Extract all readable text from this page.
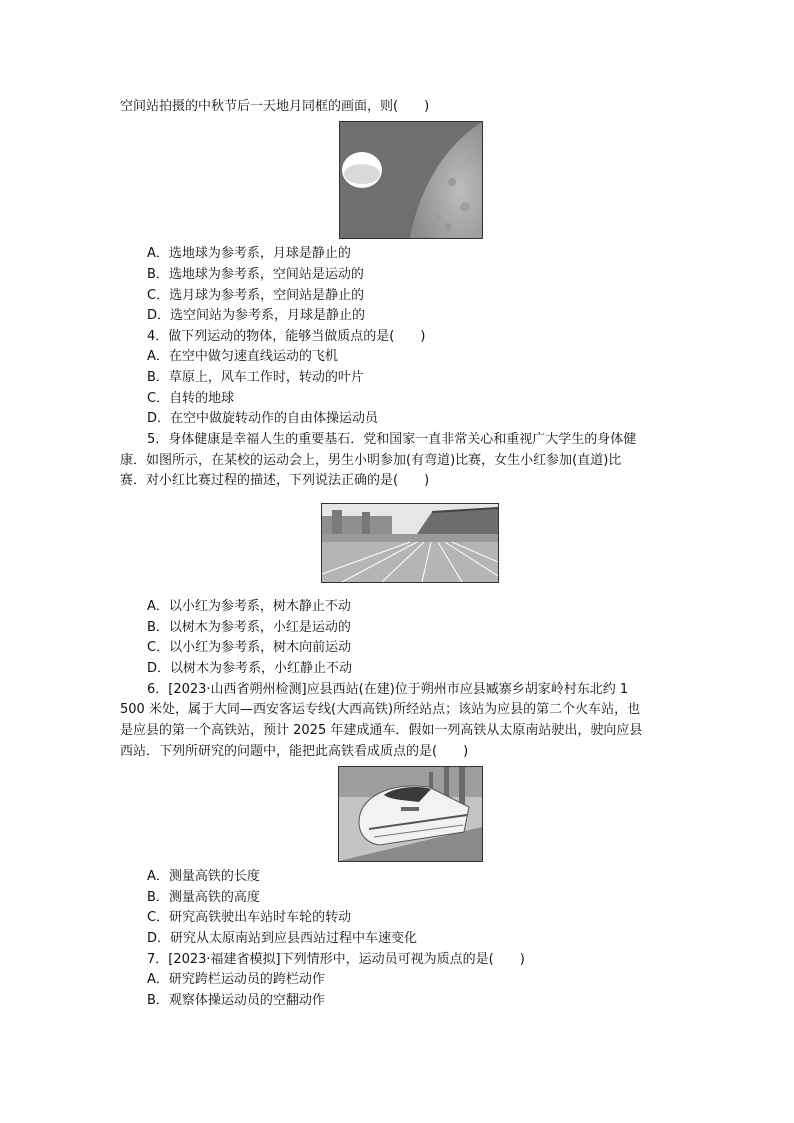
空间站拍摄的中秋节后一天地月同框的画面，则(　　)
A．选地球为参考系，月球是静止的
B．选地球为参考系，空间站是运动的
C．选月球为参考系，空间站是静止的
D．选空间站为参考系，月球是静止的
4．做下列运动的物体，能够当做质点的是(　　)
A．在空中做匀速直线运动的飞机
B．草原上，风车工作时，转动的叶片
C．自转的地球
D．在空中做旋转动作的自由体操运动员
5．身体健康是幸福人生的重要基石．党和国家一直非常关心和重视广大学生的身体健
康．如图所示，在某校的运动会上，男生小明参加(有弯道)比赛，女生小红参加(直道)比
赛．对小红比赛过程的描述，下列说法正确的是(　　)
A．以小红为参考系，树木静止不动
B．以树木为参考系，小红是运动的
C．以小红为参考系，树木向前运动
D．以树木为参考系，小红静止不动
6．[2023·山西省朔州检测]应县西站(在建)位于朔州市应县臧寨乡胡家岭村东北约 1
500 米处，属于大同—西安客运专线(大西高铁)所经站点；该站为应县的第二个火车站，也
是应县的第一个高铁站，预计 2025 年建成通车．假如一列高铁从太原南站驶出，驶向应县
西站．下列所研究的问题中，能把此高铁看成质点的是(　　)
A．测量高铁的长度
B．测量高铁的高度
C．研究高铁驶出车站时车轮的转动
D．研究从太原南站到应县西站过程中车速变化
7．[2023·福建省模拟]下列情形中，运动员可视为质点的是(　　)
A．研究跨栏运动员的跨栏动作
B．观察体操运动员的空翻动作
